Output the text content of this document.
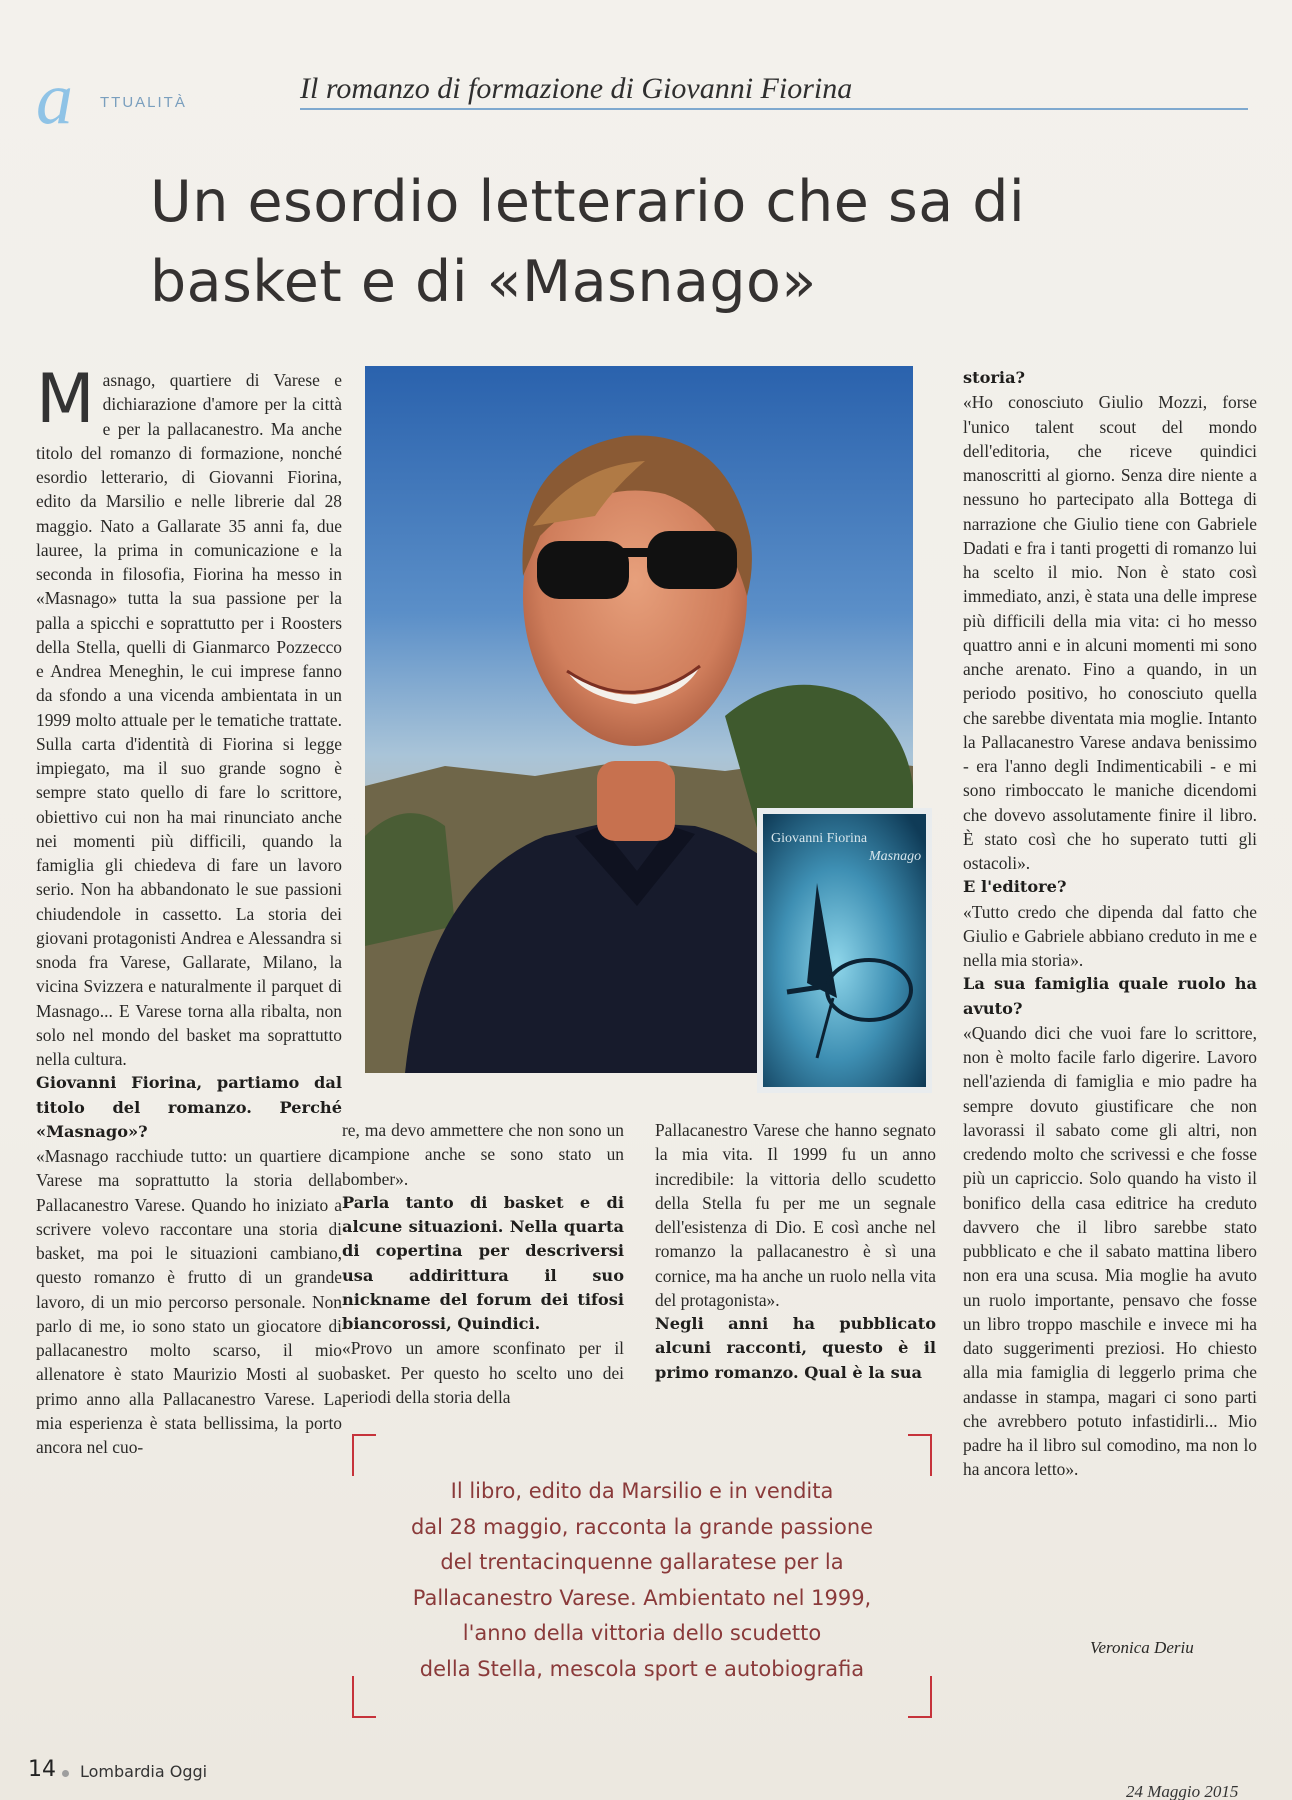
a TTUALITÀ	Il romanzo di formazione di Giovanni Fiorina
Un esordio letterario che sa di basket e di «Masnago»
M asnago, quartiere di Varese e dichiarazione d'amore per la città e per la pallacanestro. Ma anche titolo del romanzo di formazione, nonché esordio letterario, di Giovanni Fiorina, edito da Marsilio e nelle librerie dal 28 maggio. Nato a Gallarate 35 anni fa, due lauree, la prima in comunicazione e la seconda in filosofia, Fiorina ha messo in «Masnago» tutta la sua passione per la palla a spicchi e soprattutto per i Roosters della Stella, quelli di Gianmarco Pozzecco e Andrea Meneghin, le cui imprese fanno da sfondo a una vicenda ambientata in un 1999 molto attuale per le tematiche trattate. Sulla carta d'identità di Fiorina si legge impiegato, ma il suo grande sogno è sempre stato quello di fare lo scrittore, obiettivo cui non ha mai rinunciato anche nei momenti più difficili, quando la famiglia gli chiedeva di fare un lavoro serio. Non ha abbandonato le sue passioni chiudendole in cassetto. La storia dei giovani protagonisti Andrea e Alessandra si snoda fra Varese, Gallarate, Milano, la vicina Svizzera e naturalmente il parquet di Masnago... E Varese torna alla ribalta, non solo nel mondo del basket ma soprattutto nella cultura.

Giovanni Fiorina, partiamo dal titolo del romanzo. Perché «Masnago»?

«Masnago racchiude tutto: un quartiere di Varese ma soprattutto la storia della Pallacanestro Varese. Quando ho iniziato a scrivere volevo raccontare una storia di basket, ma poi le situazioni cambiano, questo romanzo è frutto di un grande lavoro, di un mio percorso personale. Non parlo di me, io sono stato un giocatore di pallacanestro molto scarso, il mio allenatore è stato Maurizio Mosti al suo primo anno alla Pallacanestro Varese. La mia esperienza è stata bellissima, la porto ancora nel cuo-

Giovanni Fiorina
Masnago

re, ma devo ammettere che non sono un campione anche se sono stato un bomber».

Parla tanto di basket e di alcune situazioni. Nella quarta di copertina per descriversi usa addirittura il suo nickname del forum dei tifosi biancorossi, Quindici.

«Provo un amore sconfinato per il basket. Per questo ho scelto uno dei periodi della storia della

Pallacanestro Varese che hanno segnato la mia vita. Il 1999 fu un anno incredibile: la vittoria dello scudetto della Stella fu per me un segnale dell'esistenza di Dio. E così anche nel romanzo la pallacanestro è sì una cornice, ma ha anche un ruolo nella vita del protagonista».

Negli anni ha pubblicato alcuni racconti, questo è il primo romanzo. Qual è la sua

storia?

«Ho conosciuto Giulio Mozzi, forse l'unico talent scout del mondo dell'editoria, che riceve quindici manoscritti al giorno. Senza dire niente a nessuno ho partecipato alla Bottega di narrazione che Giulio tiene con Gabriele Dadati e fra i tanti progetti di romanzo lui ha scelto il mio. Non è stato così immediato, anzi, è stata una delle imprese più difficili della mia vita: ci ho messo quattro anni e in alcuni momenti mi sono anche arenato. Fino a quando, in un periodo positivo, ho conosciuto quella che sarebbe diventata mia moglie. Intanto la Pallacanestro Varese andava benissimo - era l'anno degli Indimenticabili - e mi sono rimboccato le maniche dicendomi che dovevo assolutamente finire il libro. È stato così che ho superato tutti gli ostacoli».

E l'editore?

«Tutto credo che dipenda dal fatto che Giulio e Gabriele abbiano creduto in me e nella mia storia».

La sua famiglia quale ruolo ha avuto?

«Quando dici che vuoi fare lo scrittore, non è molto facile farlo digerire. Lavoro nell'azienda di famiglia e mio padre ha sempre dovuto giustificare che non lavorassi il sabato come gli altri, non credendo molto che scrivessi e che fosse più un capriccio. Solo quando ha visto il bonifico della casa editrice ha creduto davvero che il libro sarebbe stato pubblicato e che il sabato mattina libero non era una scusa. Mia moglie ha avuto un ruolo importante, pensavo che fosse un libro troppo maschile e invece mi ha dato suggerimenti preziosi. Ho chiesto alla mia famiglia di leggerlo prima che andasse in stampa, magari ci sono parti che avrebbero potuto infastidirli... Mio padre ha il libro sul comodino, ma non lo ha ancora letto».

Veronica Deriu
Il libro, edito da Marsilio e in vendita
dal 28 maggio, racconta la grande passione
del trentacinquenne gallaratese per la
Pallacanestro Varese. Ambientato nel 1999,
l'anno della vittoria dello scudetto
della Stella, mescola sport e autobiografia
14 Lombardia Oggi
24 Maggio 2015
